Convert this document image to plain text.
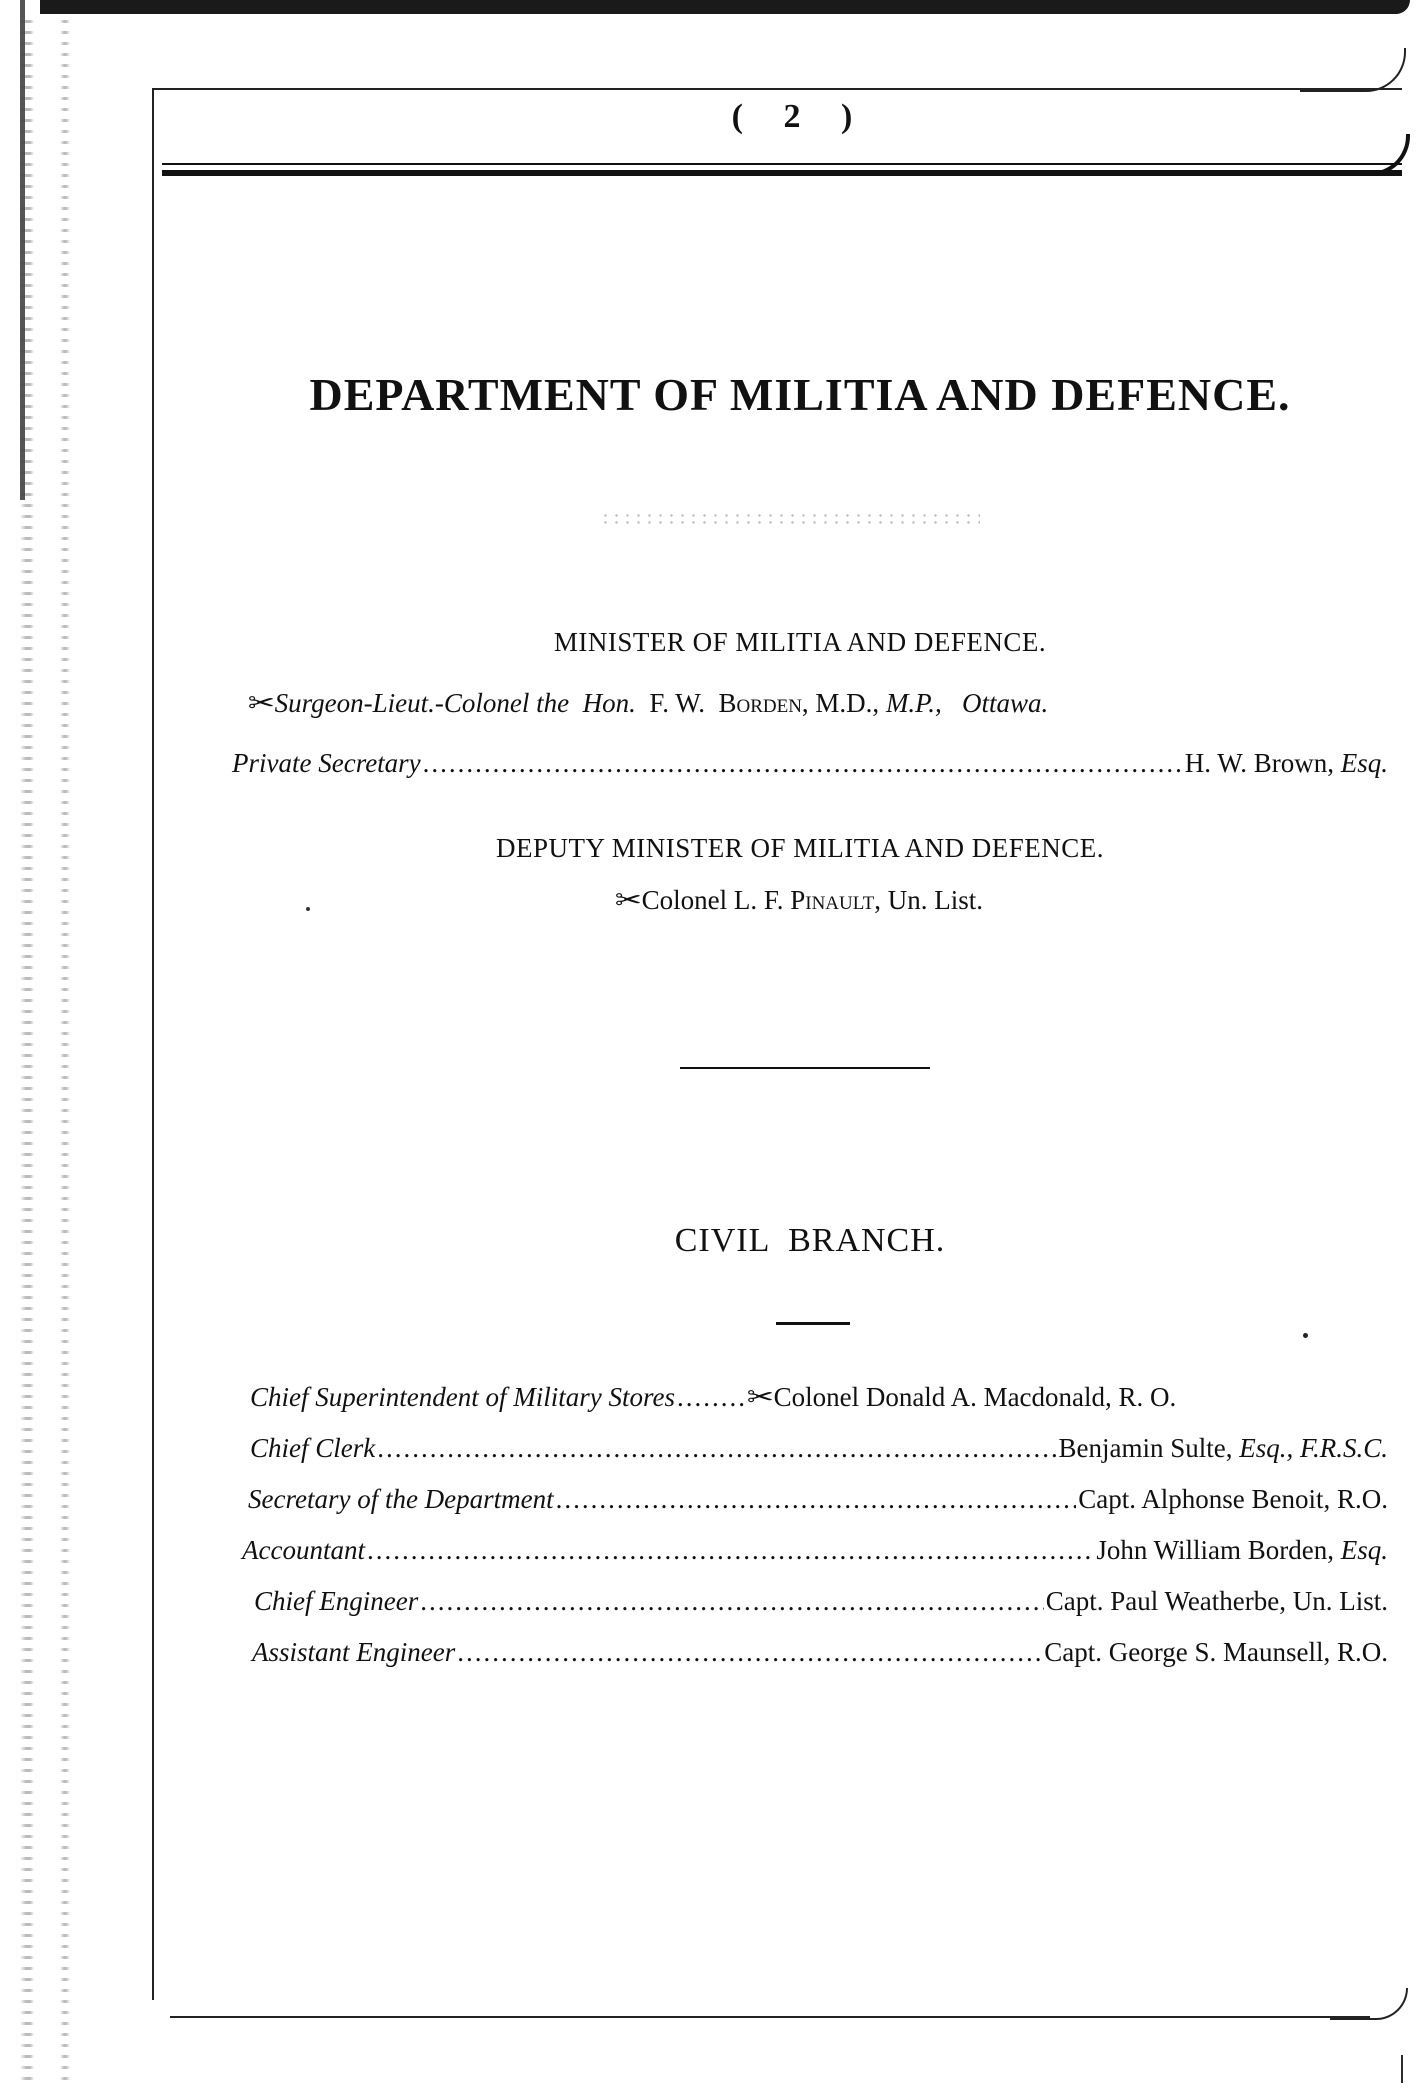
ǀ
( 2 )
DEPARTMENT OF MILITIA AND DEFENCE.
MINISTER OF MILITIA AND DEFENCE.
✂Surgeon-Lieut.-Colonel the Hon. F. W. Borden, M.D., M.P., Ottawa.
Private Secretary .....	H. W. Brown, Esq.
DEPUTY MINISTER OF MILITIA AND DEFENCE.
✂Colonel L. F. Pinault, Un. List.
CIVIL  BRANCH.
Chief Superintendent of Military Stores .....	✂Colonel Donald A. Macdonald, R. O.
Chief Clerk .....	Benjamin Sulte, Esq., F.R.S.C.
Secretary of the Department .....	Capt. Alphonse Benoit, R.O.
Accountant .....	John William Borden, Esq.
Chief Engineer .....	Capt. Paul Weatherbe, Un. List.
Assistant Engineer .....	Capt. George S. Maunsell, R.O.
